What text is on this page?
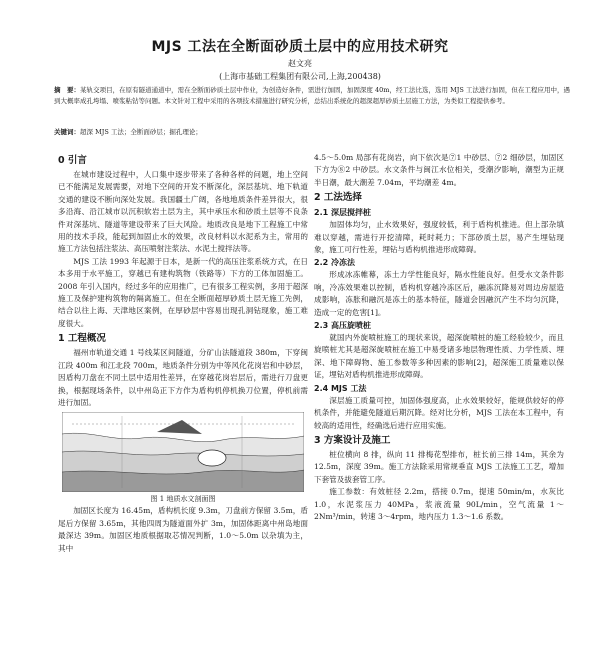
MJS 工法在全断面砂质土层中的应用技术研究
赵文亮
(上海市基础工程集团有限公司,上海,200438)
摘　要：某轨交项目，在原有隧道通道中，需在全断面砂质土层中作业，为创造好条件，需进行加固，加固深度 40m，经工法比选，选用 MJS 工法进行加固，但在工程应用中，遇到大概率成孔垮塌、喷浆粘钻等问题。本文针对工程中采用的各项技术措施进行研究分析，总结出系统化的超深超厚砂质土层施工方法，为类似工程提供参考。
关键词：超深 MJS 工法；全断面砂层；掘孔理论；
0 引言

在城市建设过程中，人口集中逐步带来了各种各样的问题，地上空间已不能满足发展需要，对地下空间的开发不断深化，深层基坑、地下轨道交通的建设不断向深处发展。我国疆土广阔，各地地质条件差异很大，很多沿海、沿江城市以沉积软岩土层为主，其中承压水和砂质土层等不良条件对深基坑、隧道等建设带来了巨大风险。地质改良是地下工程施工中常用的技术手段，能起到加固止水的效果，改良材料以水泥系为主，常用的施工方法包括注浆法、高压喷射注浆法、水泥土搅拌法等。

MJS 工法 1993 年起源于日本，是新一代的高压注浆系统方式，在日本多用于水平施工，穿越已有建构筑物（铁路等）下方的工体加固施工。2008 年引入国内，经过多年的应用推广，已有很多工程实例，多用于超深施工及保护建构筑物的隔离施工。但在全断面超厚砂质土层无施工先例，结合以往上海、天津地区案例，在厚砂层中容易出现孔洞钻现象，施工难度很大。

1 工程概况

福州市轨道交通 1 号线某区间隧道，分矿山法隧道段 380m，下穿闽江段 400m 和江北段 700m，地质条件分别为中等风化花岗岩和中砂层，因盾构刀盘在不同土层中适用性差异，在穿越花岗岩层后，需进行刀盘更换，根据现场条件，以中州岛正下方作为盾构机停机换刀位置，停机前需进行加固。

图 1 地质水文剖面图

加固区长度为 16.45m，盾构机长度 9.3m，刀盘前方保留 3.5m，盾尾后方保留 3.65m，其他四周为隧道面外扩 3m，加固体距离中州岛地面最深达 39m。加固区地质根据取芯情况判断，1.0～5.0m 以杂填为主，其中

4.5～5.0m 局部有花岗岩，向下依次是⑦1 中砂层、⑦2 细砂层，加固区下方为⑧2 中砂层。水文条件与闽江水位相关，受潮汐影响，潮型为正规半日潮，最大潮差 7.04m，平均潮差 4m。

2 工法选择
2.1 深层搅拌桩

加固体均匀，止水效果好，强度较低，利于盾构机推进。但上部杂填难以穿越，需进行开挖清障，耗时耗力；下部砂质土层，易产生埋钻现象，施工可行性差，埋钻与盾构机推进形成障碍。

2.2 冷冻法

形成冰冻帷幕，冻土力学性能良好，隔水性能良好。但受水文条件影响，冷冻效果难以控制，盾构机穿越冷冻区后，融冻沉降易对周边房屋造成影响，冻胀和融沉是冻土的基本特征，隧道会因融沉产生不均匀沉降，造成一定的危害[1]。

2.3 高压旋喷桩

就国内外旋喷桩施工的现状来说，超深旋喷桩的施工经验较少，而且旋喷桩尤其是超深旋喷桩在施工中易受诸多地层物理性质、力学性质、埋深、地下障碍物、施工参数等多种因素的影响[2]，超深施工质量难以保证，埋钻对盾构机推进形成障碍。

2.4 MJS 工法

深层施工质量可控，加固体强度高，止水效果较好，能规供较好的停机条件，并能避免隧道后期沉降。经对比分析，MJS 工法在本工程中，有较高的适用性，经确选后进行应用实施。

3 方案设计及施工

桩位横向 8 排，纵向 11 排梅花型排布，桩长前三排 14m，其余为 12.5m，深度 39m。施工方法除采用常规垂直 MJS 工法施工工艺，增加下套管及拔套管工序。

施工参数：有效桩径 2.2m，搭接 0.7m，提速 50min/m，水灰比 1.0，水泥浆压力 40MPa，浆液流量 90L/min，空气流量 1～2Nm³/min，转速 3～4rpm，地内压力 1.3～1.6 系数。
